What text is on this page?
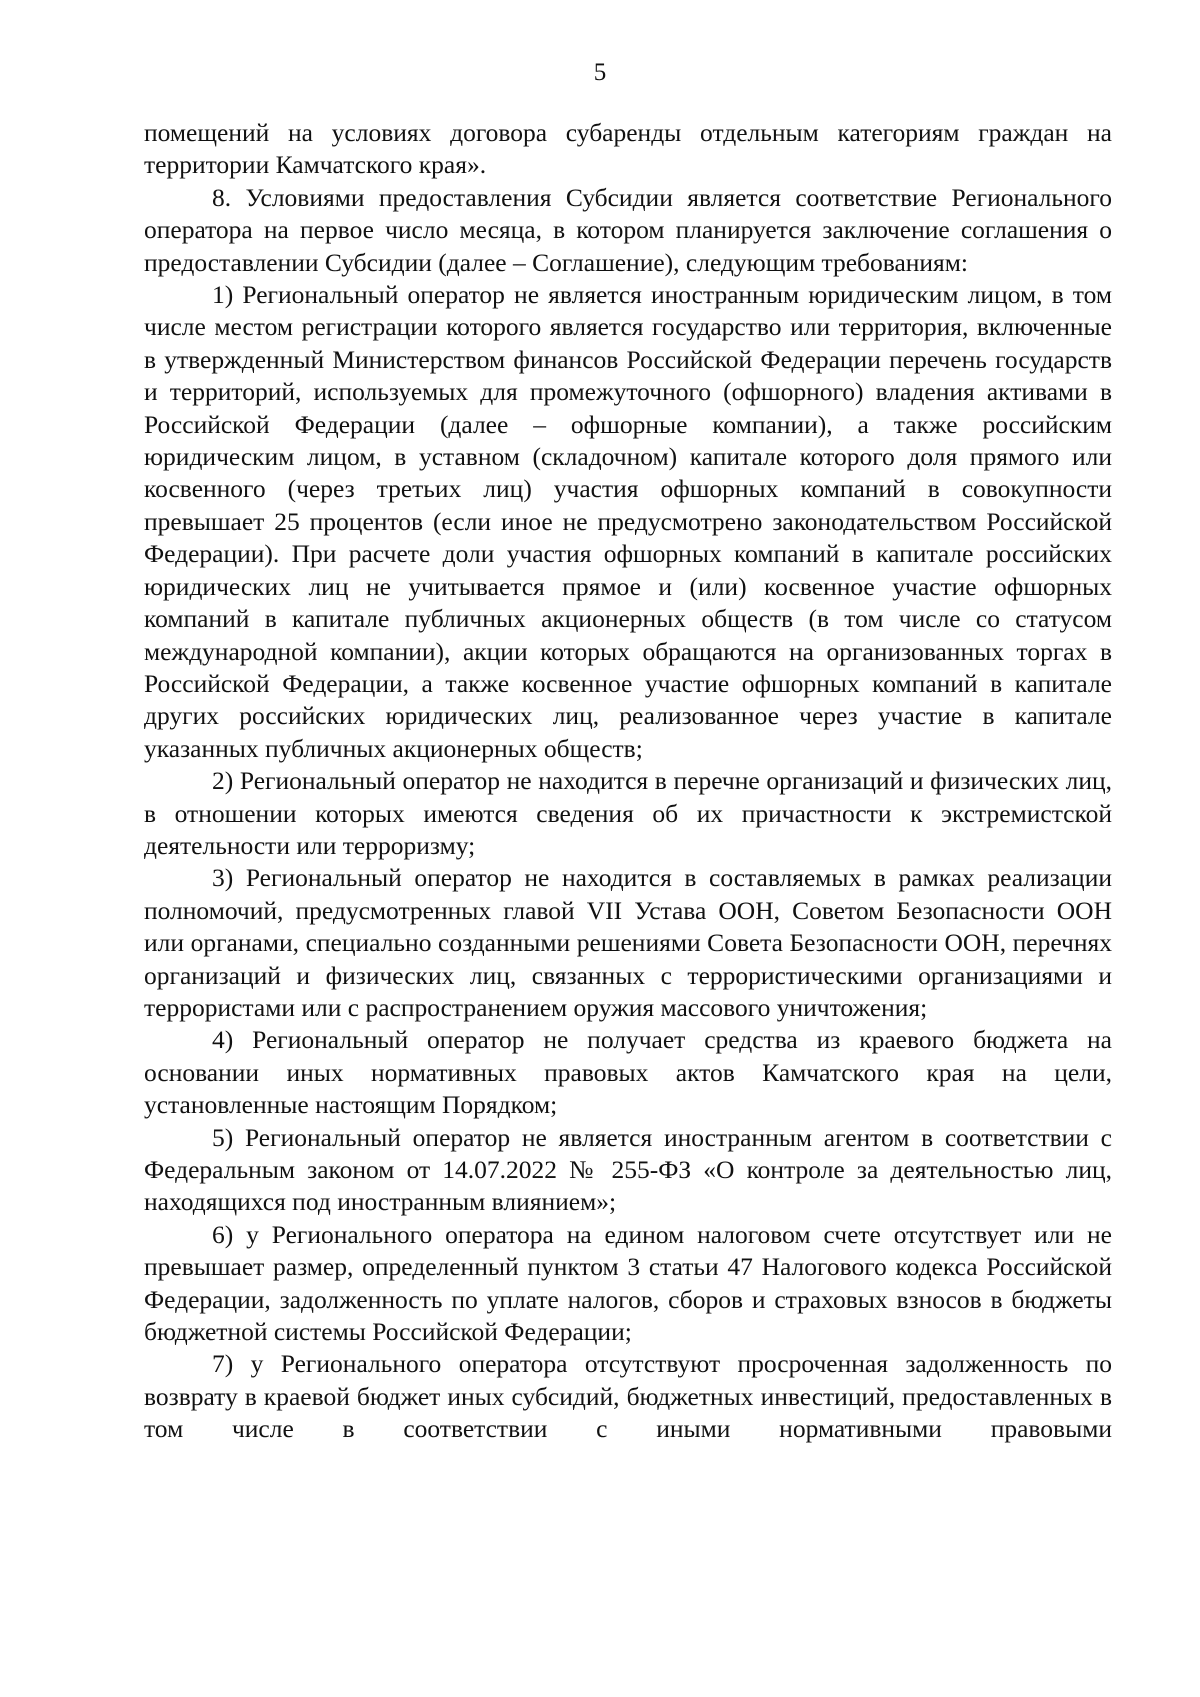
5

помещений на условиях договора субаренды отдельным категориям граждан на территории Камчатского края».

8. Условиями предоставления Субсидии является соответствие Регионального оператора на первое число месяца, в котором планируется заключение соглашения о предоставлении Субсидии (далее – Соглашение), следующим требованиям:

1) Региональный оператор не является иностранным юридическим лицом, в том числе местом регистрации которого является государство или территория, включенные в утвержденный Министерством финансов Российской Федерации перечень государств и территорий, используемых для промежуточного (офшорного) владения активами в Российской Федерации (далее – офшорные компании), а также российским юридическим лицом, в уставном (складочном) капитале которого доля прямого или косвенного (через третьих лиц) участия офшорных компаний в совокупности превышает 25 процентов (если иное не предусмотрено законодательством Российской Федерации). При расчете доли участия офшорных компаний в капитале российских юридических лиц не учитывается прямое и (или) косвенное участие офшорных компаний в капитале публичных акционерных обществ (в том числе со статусом международной компании), акции которых обращаются на организованных торгах в Российской Федерации, а также косвенное участие офшорных компаний в капитале других российских юридических лиц, реализованное через участие в капитале указанных публичных акционерных обществ;

2) Региональный оператор не находится в перечне организаций и физических лиц, в отношении которых имеются сведения об их причастности к экстремистской деятельности или терроризму;

3) Региональный оператор не находится в составляемых в рамках реализации полномочий, предусмотренных главой VII Устава ООН, Советом Безопасности ООН или органами, специально созданными решениями Совета Безопасности ООН, перечнях организаций и физических лиц, связанных с террористическими организациями и террористами или с распространением оружия массового уничтожения;

4) Региональный оператор не получает средства из краевого бюджета на основании иных нормативных правовых актов Камчатского края на цели, установленные настоящим Порядком;

5) Региональный оператор не является иностранным агентом в соответствии с Федеральным законом от 14.07.2022 № 255-ФЗ «О контроле за деятельностью лиц, находящихся под иностранным влиянием»;

6) у Регионального оператора на едином налоговом счете отсутствует или не превышает размер, определенный пунктом 3 статьи 47 Налогового кодекса Российской Федерации, задолженность по уплате налогов, сборов и страховых взносов в бюджеты бюджетной системы Российской Федерации;

7) у Регионального оператора отсутствуют просроченная задолженность по возврату в краевой бюджет иных субсидий, бюджетных инвестиций, предоставленных в том числе в соответствии с иными нормативными правовыми
